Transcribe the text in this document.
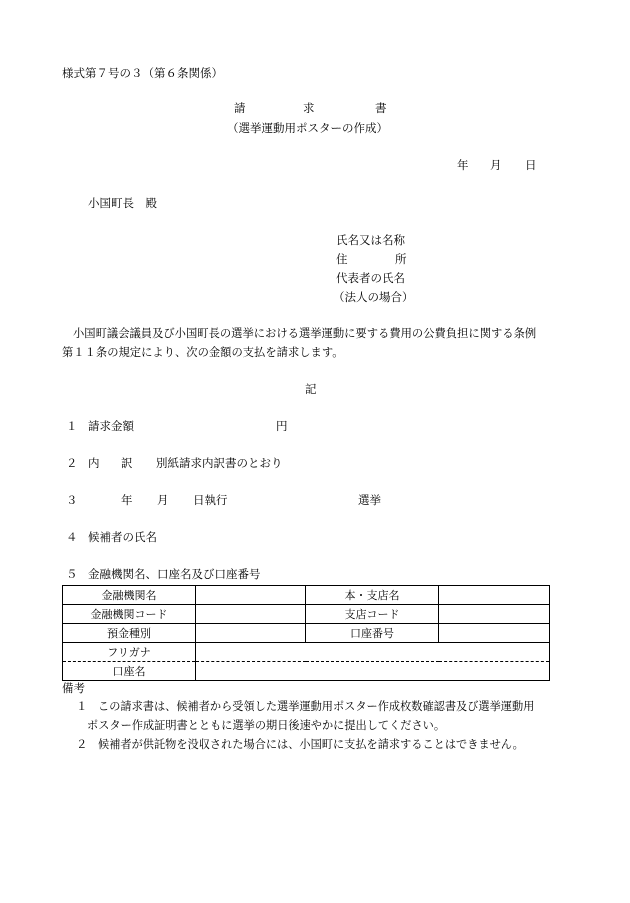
様式第７号の３（第６条関係）
請	求	書
（選挙運動用ポスターの作成）
年 月 日
小国町長　殿
氏名又は名称
住	所
代表者の氏名
（法人の場合）
小国町議会議員及び小国町長の選挙における選挙運動に要する費用の公費負担に関する条例
第１１条の規定により、次の金額の支払を請求します。
記
１ 請求金額	円
２ 内 訳 別紙請求内訳書のとおり
３	年 月 日執行	選挙
４ 候補者の氏名
５ 金融機関名、口座名及び口座番号
金融機関名		本・支店名	
金融機関コード		支店コード	
預金種別		口座番号	
フリガナ			
口座名			
備考
１ この請求書は、候補者から受領した選挙運動用ポスター作成枚数確認書及び選挙運動用
ポスター作成証明書とともに選挙の期日後速やかに提出してください。
２ 候補者が供託物を没収された場合には、小国町に支払を請求することはできません。
